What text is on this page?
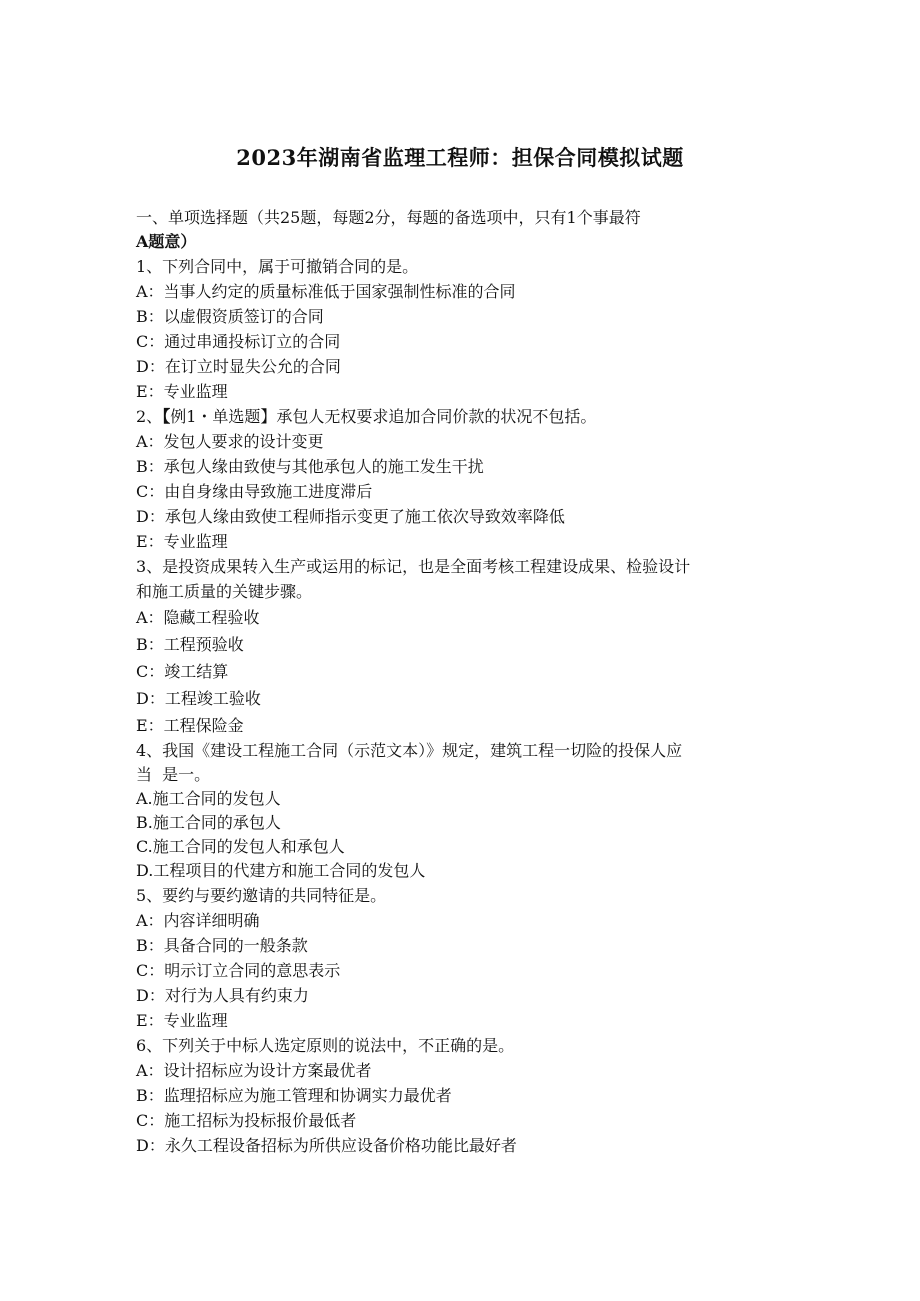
2023年湖南省监理工程师：担保合同模拟试题
一、单项选择题（共25题，每题2分，每题的备选项中，只有1个事最符
A题意）
1、下列合同中，属于可撤销合同的是。
A：当事人约定的质量标准低于国家强制性标准的合同
B：以虚假资质签订的合同
C：通过串通投标订立的合同
D：在订立时显失公允的合同
E：专业监理
2、【例1・单选题】承包人无权要求追加合同价款的状况不包括。
A：发包人要求的设计变更
B：承包人缘由致使与其他承包人的施工发生干扰
C：由自身缘由导致施工进度滞后
D：承包人缘由致使工程师指示变更了施工依次导致效率降低
E：专业监理
3、是投资成果转入生产或运用的标记，也是全面考核工程建设成果、检验设计
和施工质量的关键步骤。
A：隐藏工程验收
B：工程预验收
C：竣工结算
D：工程竣工验收
E：工程保险金
4、我国《建设工程施工合同（示范文本）》规定，建筑工程一切险的投保人应
当  是一。
A.施工合同的发包人
B.施工合同的承包人
C.施工合同的发包人和承包人
D.工程项目的代建方和施工合同的发包人
5、要约与要约邀请的共同特征是。
A：内容详细明确
B：具备合同的一般条款
C：明示订立合同的意思表示
D：对行为人具有约束力
E：专业监理
6、下列关于中标人选定原则的说法中，不正确的是。
A：设计招标应为设计方案最优者
B：监理招标应为施工管理和协调实力最优者
C：施工招标为投标报价最低者
D：永久工程设备招标为所供应设备价格功能比最好者
